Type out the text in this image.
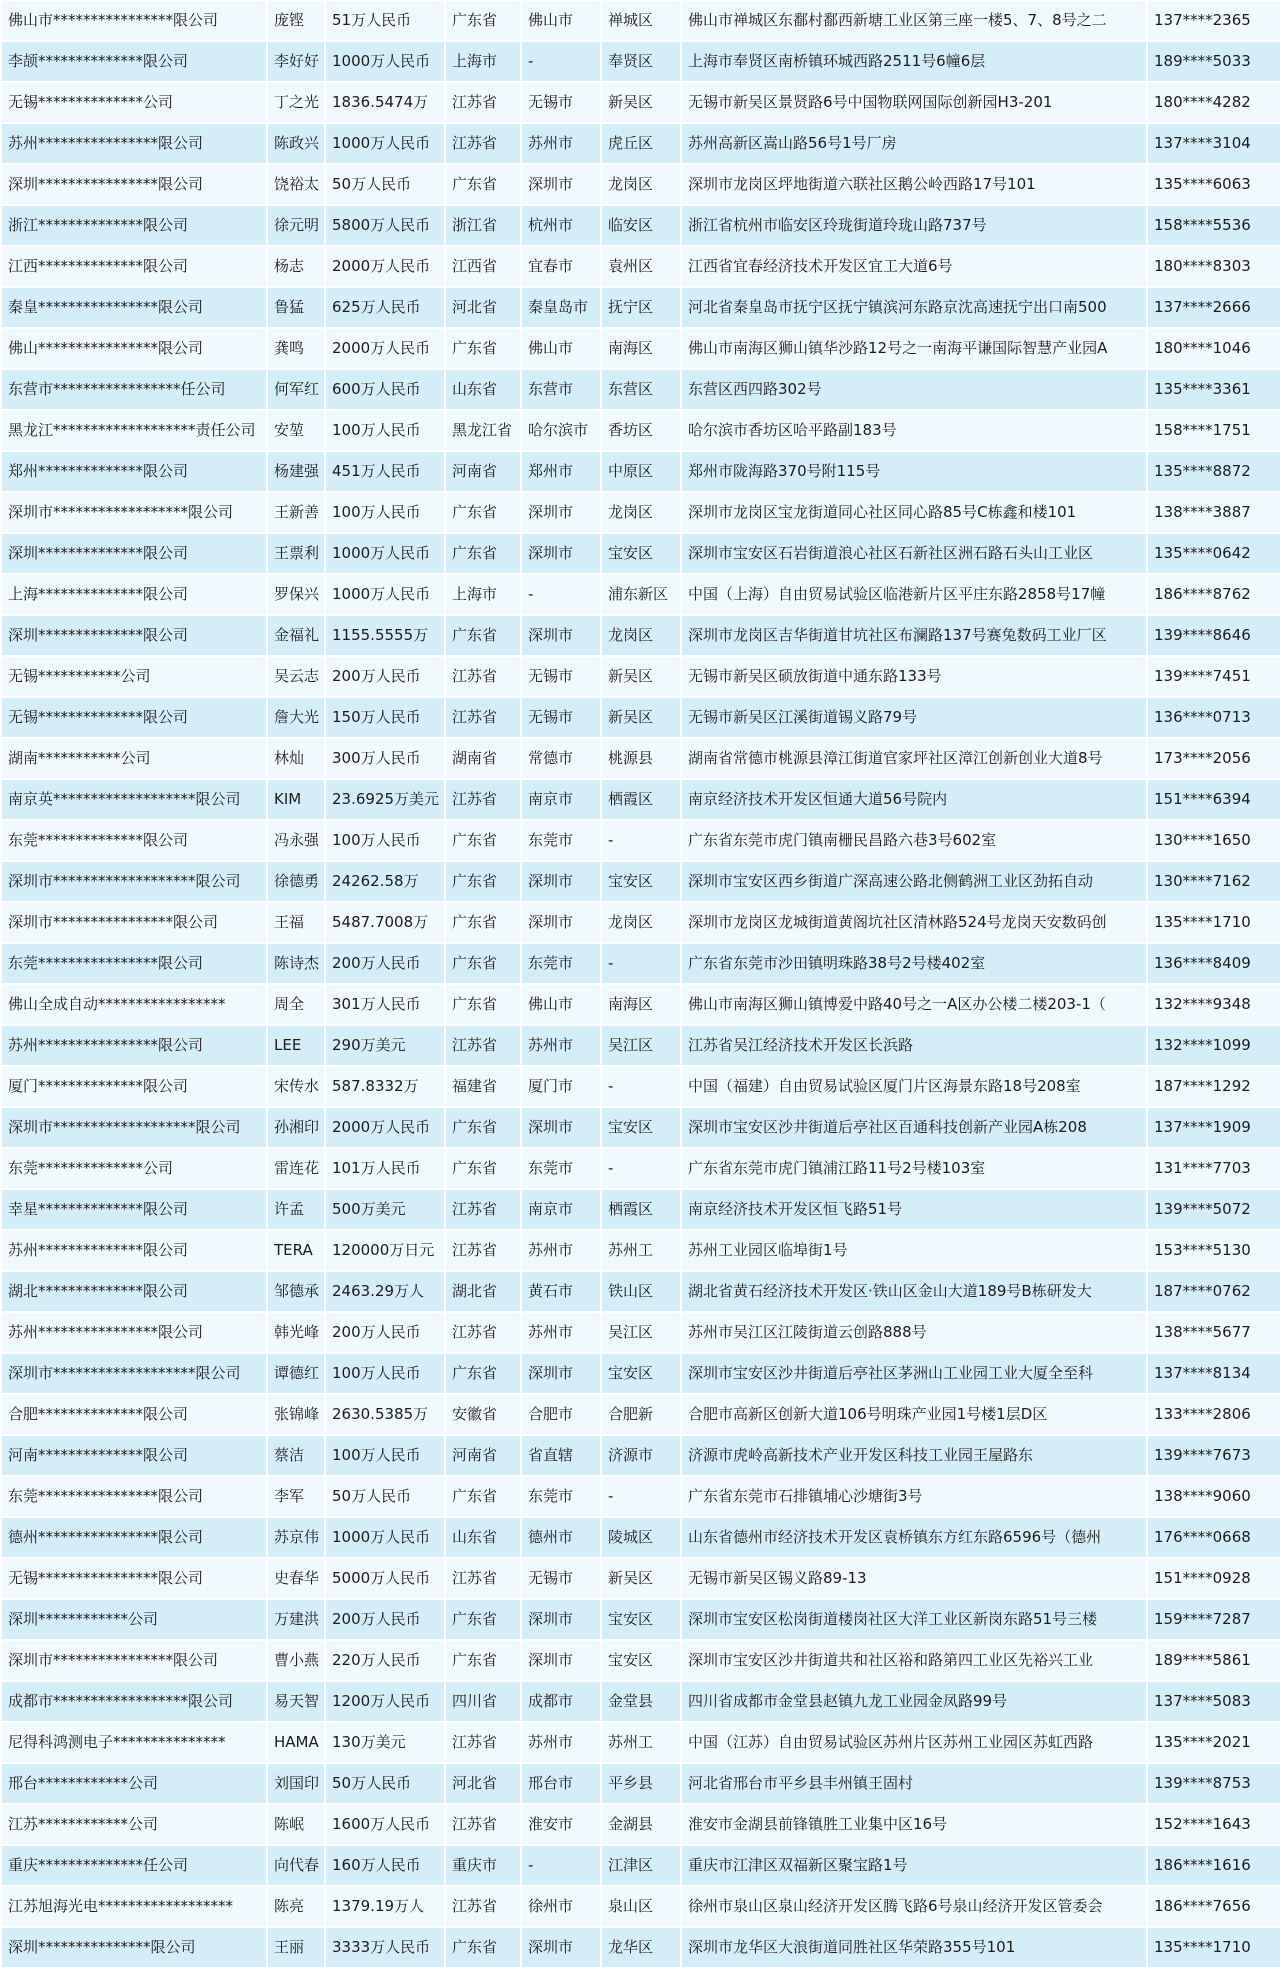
佛山市****************限公司	庞铿	51万人民币	广东省	佛山市	禅城区	佛山市禅城区东鄱村鄱西新塘工业区第三座一楼5、7、8号之二	137****2365
李颉**************限公司	李好好	1000万人民币	上海市	-	奉贤区	上海市奉贤区南桥镇环城西路2511号6幢6层	189****5033
无锡**************公司	丁之光	1836.5474万	江苏省	无锡市	新吴区	无锡市新吴区景贤路6号中国物联网国际创新园H3-201	180****4282
苏州****************限公司	陈政兴	1000万人民币	江苏省	苏州市	虎丘区	苏州高新区嵩山路56号1号厂房	137****3104
深圳****************限公司	饶裕太	50万人民币	广东省	深圳市	龙岗区	深圳市龙岗区坪地街道六联社区鹅公岭西路17号101	135****6063
浙江**************限公司	徐元明	5800万人民币	浙江省	杭州市	临安区	浙江省杭州市临安区玲珑街道玲珑山路737号	158****5536
江西**************限公司	杨志	2000万人民币	江西省	宜春市	袁州区	江西省宜春经济技术开发区宜工大道6号	180****8303
秦皇****************限公司	鲁猛	625万人民币	河北省	秦皇岛市	抚宁区	河北省秦皇岛市抚宁区抚宁镇滨河东路京沈高速抚宁出口南500	137****2666
佛山****************限公司	龚鸣	2000万人民币	广东省	佛山市	南海区	佛山市南海区狮山镇华沙路12号之一南海平谦国际智慧产业园A	180****1046
东营市*****************任公司	何军红	600万人民币	山东省	东营市	东营区	东营区西四路302号	135****3361
黑龙江*******************责任公司	安堃	100万人民币	黑龙江省	哈尔滨市	香坊区	哈尔滨市香坊区哈平路副183号	158****1751
郑州**************限公司	杨建强	451万人民币	河南省	郑州市	中原区	郑州市陇海路370号附115号	135****8872
深圳市******************限公司	王新善	100万人民币	广东省	深圳市	龙岗区	深圳市龙岗区宝龙街道同心社区同心路85号C栋鑫和楼101	138****3887
深圳**************限公司	王票利	1000万人民币	广东省	深圳市	宝安区	深圳市宝安区石岩街道浪心社区石新社区洲石路石头山工业区	135****0642
上海**************限公司	罗保兴	1000万人民币	上海市	-	浦东新区	中国（上海）自由贸易试验区临港新片区平庄东路2858号17幢	186****8762
深圳**************限公司	金福礼	1155.5555万	广东省	深圳市	龙岗区	深圳市龙岗区吉华街道甘坑社区布澜路137号赛兔数码工业厂区	139****8646
无锡***********公司	吴云志	200万人民币	江苏省	无锡市	新吴区	无锡市新吴区硕放街道中通东路133号	139****7451
无锡**************限公司	詹大光	150万人民币	江苏省	无锡市	新吴区	无锡市新吴区江溪街道锡义路79号	136****0713
湖南***********公司	林灿	300万人民币	湖南省	常德市	桃源县	湖南省常德市桃源县漳江街道官家坪社区漳江创新创业大道8号	173****2056
南京英*******************限公司	KIM	23.6925万美元	江苏省	南京市	栖霞区	南京经济技术开发区恒通大道56号院内	151****6394
东莞**************限公司	冯永强	100万人民币	广东省	东莞市	-	广东省东莞市虎门镇南栅民昌路六巷3号602室	130****1650
深圳市*******************限公司	徐德勇	24262.58万	广东省	深圳市	宝安区	深圳市宝安区西乡街道广深高速公路北侧鹤洲工业区劲拓自动	130****7162
深圳市****************限公司	王福	5487.7008万	广东省	深圳市	龙岗区	深圳市龙岗区龙城街道黄阁坑社区清林路524号龙岗天安数码创	135****1710
东莞****************限公司	陈诗杰	200万人民币	广东省	东莞市	-	广东省东莞市沙田镇明珠路38号2号楼402室	136****8409
佛山全成自动*****************	周全	301万人民币	广东省	佛山市	南海区	佛山市南海区狮山镇博爱中路40号之一A区办公楼二楼203-1（	132****9348
苏州****************限公司	LEE	290万美元	江苏省	苏州市	吴江区	江苏省吴江经济技术开发区长浜路	132****1099
厦门**************限公司	宋传水	587.8332万	福建省	厦门市	-	中国（福建）自由贸易试验区厦门片区海景东路18号208室	187****1292
深圳市*******************限公司	孙湘印	2000万人民币	广东省	深圳市	宝安区	深圳市宝安区沙井街道后亭社区百通科技创新产业园A栋208	137****1909
东莞**************公司	雷连花	101万人民币	广东省	东莞市	-	广东省东莞市虎门镇浦江路11号2号楼103室	131****7703
幸星**************限公司	许孟	500万美元	江苏省	南京市	栖霞区	南京经济技术开发区恒飞路51号	139****5072
苏州**************限公司	TERA	120000万日元	江苏省	苏州市	苏州工	苏州工业园区临埠街1号	153****5130
湖北**************限公司	邹德承	2463.29万人	湖北省	黄石市	铁山区	湖北省黄石经济技术开发区·铁山区金山大道189号B栋研发大	187****0762
苏州****************限公司	韩光峰	200万人民币	江苏省	苏州市	吴江区	苏州市吴江区江陵街道云创路888号	138****5677
深圳市*******************限公司	谭德红	100万人民币	广东省	深圳市	宝安区	深圳市宝安区沙井街道后亭社区茅洲山工业园工业大厦全至科	137****8134
合肥**************限公司	张锦峰	2630.5385万	安徽省	合肥市	合肥新	合肥市高新区创新大道106号明珠产业园1号楼1层D区	133****2806
河南**************限公司	蔡洁	100万人民币	河南省	省直辖	济源市	济源市虎岭高新技术产业开发区科技工业园王屋路东	139****7673
东莞****************限公司	李军	50万人民币	广东省	东莞市	-	广东省东莞市石排镇埔心沙塘街3号	138****9060
德州****************限公司	苏京伟	1000万人民币	山东省	德州市	陵城区	山东省德州市经济技术开发区袁桥镇东方红东路6596号（德州	176****0668
无锡****************限公司	史春华	5000万人民币	江苏省	无锡市	新吴区	无锡市新吴区锡义路89-13	151****0928
深圳************公司	万建洪	200万人民币	广东省	深圳市	宝安区	深圳市宝安区松岗街道楼岗社区大洋工业区新岗东路51号三楼	159****7287
深圳市****************限公司	曹小燕	220万人民币	广东省	深圳市	宝安区	深圳市宝安区沙井街道共和社区裕和路第四工业区先裕兴工业	189****5861
成都市******************限公司	易天智	1200万人民币	四川省	成都市	金堂县	四川省成都市金堂县赵镇九龙工业园金凤路99号	137****5083
尼得科鸿测电子***************	HAMA	130万美元	江苏省	苏州市	苏州工	中国（江苏）自由贸易试验区苏州片区苏州工业园区苏虹西路	135****2021
邢台************公司	刘国印	50万人民币	河北省	邢台市	平乡县	河北省邢台市平乡县丰州镇王固村	139****8753
江苏************公司	陈岷	1600万人民币	江苏省	淮安市	金湖县	淮安市金湖县前锋镇胜工业集中区16号	152****1643
重庆**************任公司	向代春	160万人民币	重庆市	-	江津区	重庆市江津区双福新区聚宝路1号	186****1616
江苏旭海光电******************	陈亮	1379.19万人	江苏省	徐州市	泉山区	徐州市泉山区泉山经济开发区腾飞路6号泉山经济开发区管委会	186****7656
深圳***************限公司	王丽	3333万人民币	广东省	深圳市	龙华区	深圳市龙华区大浪街道同胜社区华荣路355号101	135****1710
